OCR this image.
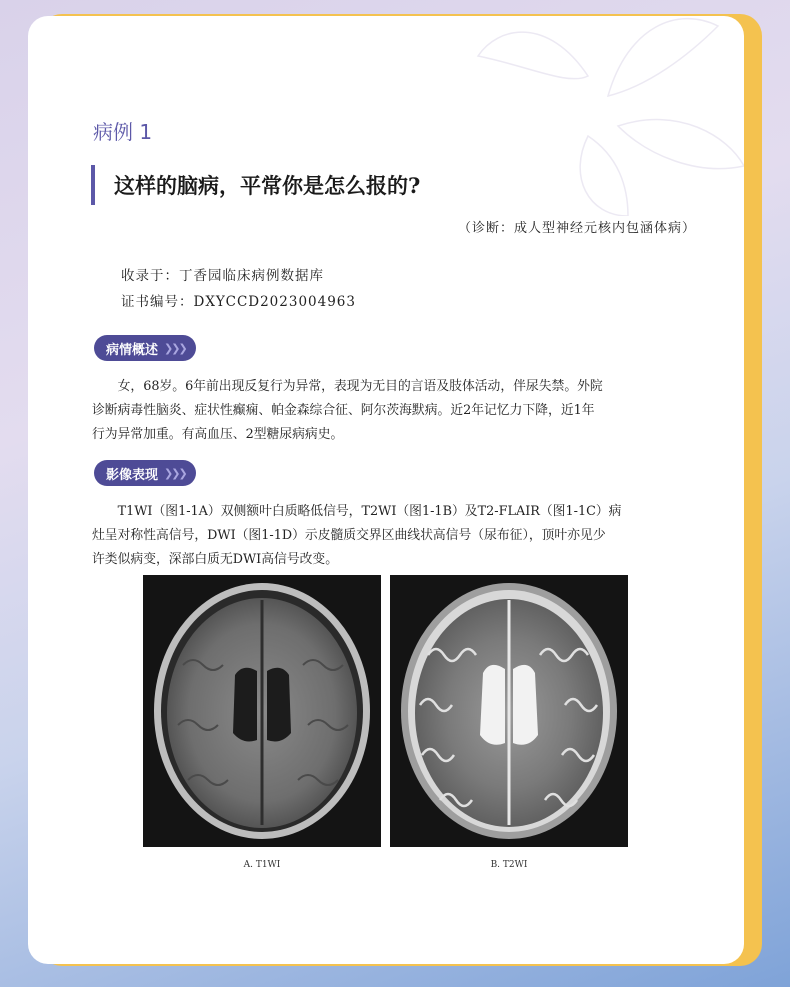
病例 1
这样的脑病，平常你是怎么报的?
（诊断：成人型神经元核内包涵体病）
收录于：丁香园临床病例数据库
证书编号：DXYCCD2023004963
病情概述 ❯❯❯
女，68岁。6年前出现反复行为异常，表现为无目的言语及肢体活动，伴尿失禁。外院
诊断病毒性脑炎、症状性癫痫、帕金森综合征、阿尔茨海默病。近2年记忆力下降，近1年
行为异常加重。有高血压、2型糖尿病病史。
影像表现 ❯❯❯
T1WI（图1-1A）双侧额叶白质略低信号，T2WI（图1-1B）及T2-FLAIR（图1-1C）病
灶呈对称性高信号，DWI（图1-1D）示皮髓质交界区曲线状高信号（尿布征），顶叶亦见少
许类似病变，深部白质无DWI高信号改变。
A. T1WI	B. T2WI
